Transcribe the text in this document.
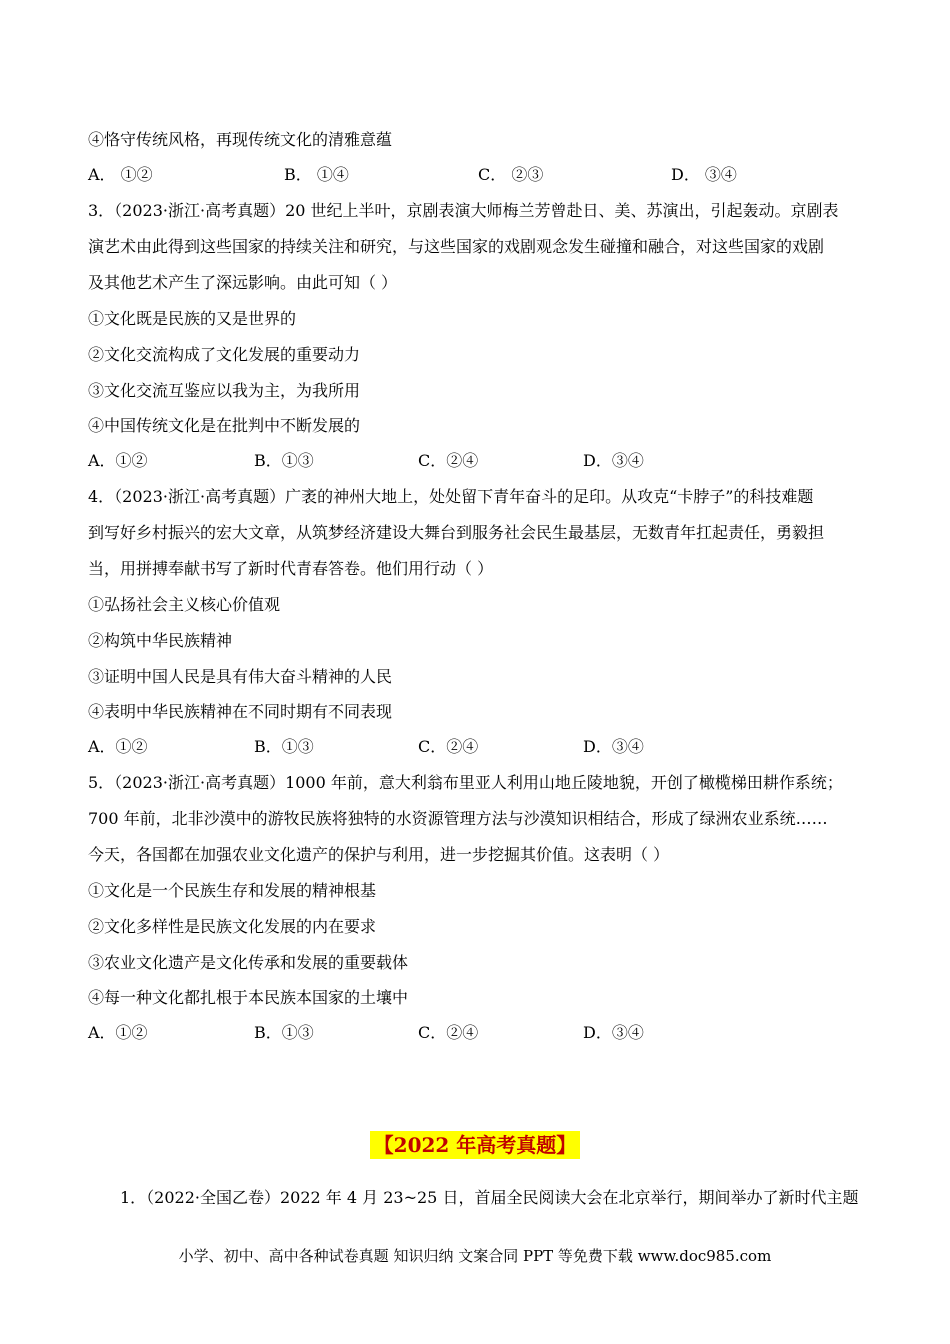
④恪守传统风格，再现传统文化的清雅意蕴
A． ①②	B． ①④	C． ②③	D． ③④
3．（2023·浙江·高考真题）20 世纪上半叶，京剧表演大师梅兰芳曾赴日、美、苏演出，引起轰动。京剧表
演艺术由此得到这些国家的持续关注和研究，与这些国家的戏剧观念发生碰撞和融合，对这些国家的戏剧
及其他艺术产生了深远影响。由此可知（ ）
①文化既是民族的又是世界的
②文化交流构成了文化发展的重要动力
③文化交流互鉴应以我为主，为我所用
④中国传统文化是在批判中不断发展的
A．①②	B．①③	C．②④	D．③④
4．（2023·浙江·高考真题）广袤的神州大地上，处处留下青年奋斗的足印。从攻克“卡脖子”的科技难题
到写好乡村振兴的宏大文章，从筑梦经济建设大舞台到服务社会民生最基层，无数青年扛起责任，勇毅担
当，用拼搏奉献书写了新时代青春答卷。他们用行动（ ）
①弘扬社会主义核心价值观
②构筑中华民族精神
③证明中国人民是具有伟大奋斗精神的人民
④表明中华民族精神在不同时期有不同表现
A．①②	B．①③	C．②④	D．③④
5．（2023·浙江·高考真题）1000 年前，意大利翁布里亚人利用山地丘陵地貌，开创了橄榄梯田耕作系统；
700 年前，北非沙漠中的游牧民族将独特的水资源管理方法与沙漠知识相结合，形成了绿洲农业系统……
今天，各国都在加强农业文化遗产的保护与利用，进一步挖掘其价值。这表明（ ）
①文化是一个民族生存和发展的精神根基
②文化多样性是民族文化发展的内在要求
③农业文化遗产是文化传承和发展的重要载体
④每一种文化都扎根于本民族本国家的土壤中
A．①②	B．①③	C．②④	D．③④
【2022 年高考真题】
1．（2022·全国乙卷）2022 年 4 月 23~25 日，首届全民阅读大会在北京举行，期间举办了新时代主题
小学、初中、高中各种试卷真题 知识归纳 文案合同 PPT 等免费下载 www.doc985.com
